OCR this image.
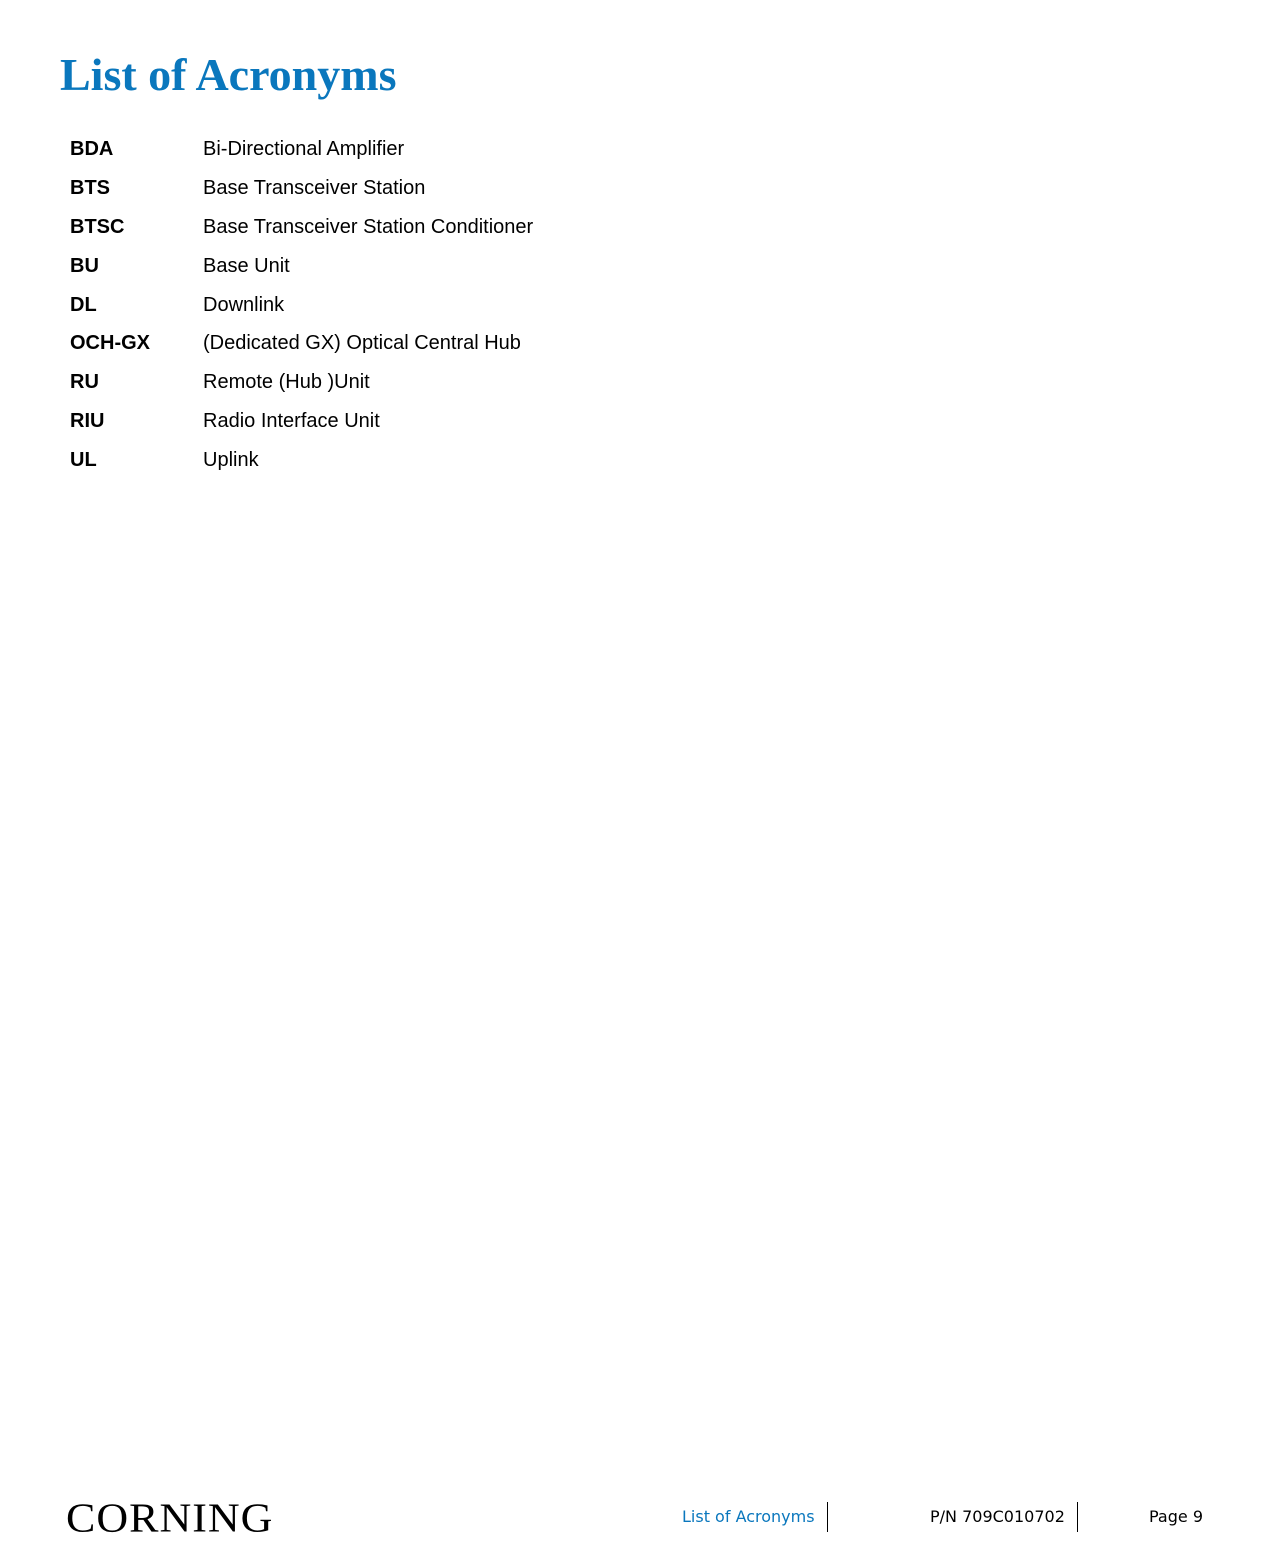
List of Acronyms
BDA	Bi-Directional Amplifier
BTS	Base Transceiver Station
BTSC	Base Transceiver Station Conditioner
BU	Base Unit
DL	Downlink
OCH-GX	(Dedicated GX) Optical Central Hub
RU	Remote (Hub )Unit
RIU	Radio Interface Unit
UL	Uplink
CORNING	List of Acronyms	P/N 709C010702	Page 9
